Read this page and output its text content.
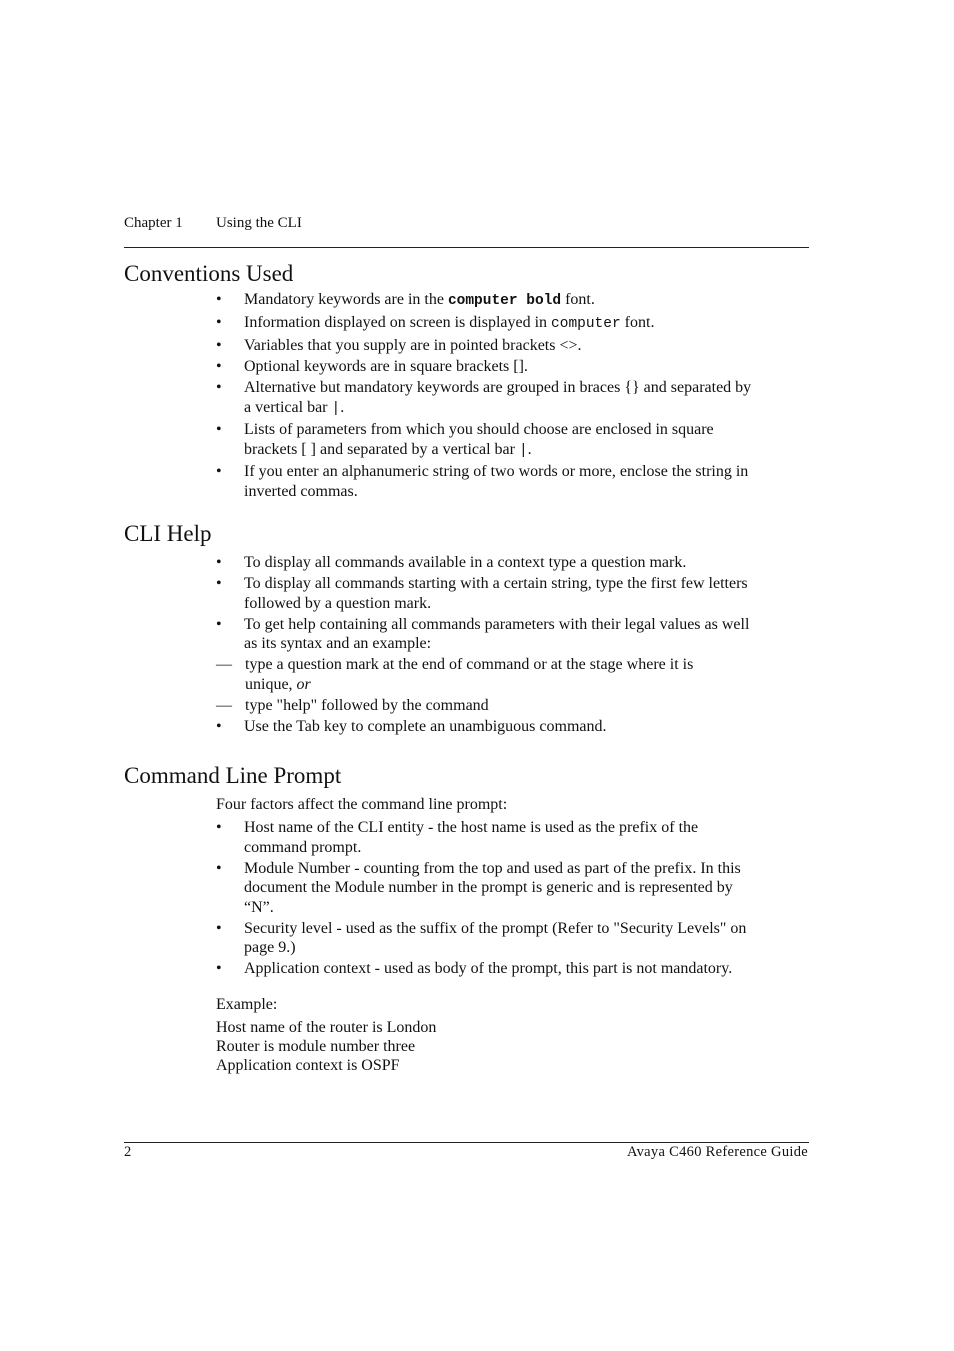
Chapter 1 Using the CLI
Conventions Used

• Mandatory keywords are in the computer bold font.

• Information displayed on screen is displayed in computer font.

• Variables that you supply are in pointed brackets <>.

• Optional keywords are in square brackets [].

• Alternative but mandatory keywords are grouped in braces {} and separated by
a vertical bar |.

• Lists of parameters from which you should choose are enclosed in square
brackets [ ] and separated by a vertical bar |.

• If you enter an alphanumeric string of two words or more, enclose the string in
inverted commas.

CLI Help

• To display all commands available in a context type a question mark.

• To display all commands starting with a certain string, type the first few letters
followed by a question mark.

• To get help containing all commands parameters with their legal values as well
as its syntax and an example:

— type a question mark at the end of command or at the stage where it is
unique, or

— type "help" followed by the command

• Use the Tab key to complete an unambiguous command.

Command Line Prompt
Four factors affect the command line prompt:

• Host name of the CLI entity - the host name is used as the prefix of the
command prompt.

• Module Number - counting from the top and used as part of the prefix. In this
document the Module number in the prompt is generic and is represented by
“N”.

• Security level - used as the suffix of the prompt (Refer to "Security Levels" on
page 9.)

• Application context - used as body of the prompt, this part is not mandatory.

Example:
Host name of the router is London
Router is module number three
Application context is OSPF
2	Avaya C460 Reference Guide
